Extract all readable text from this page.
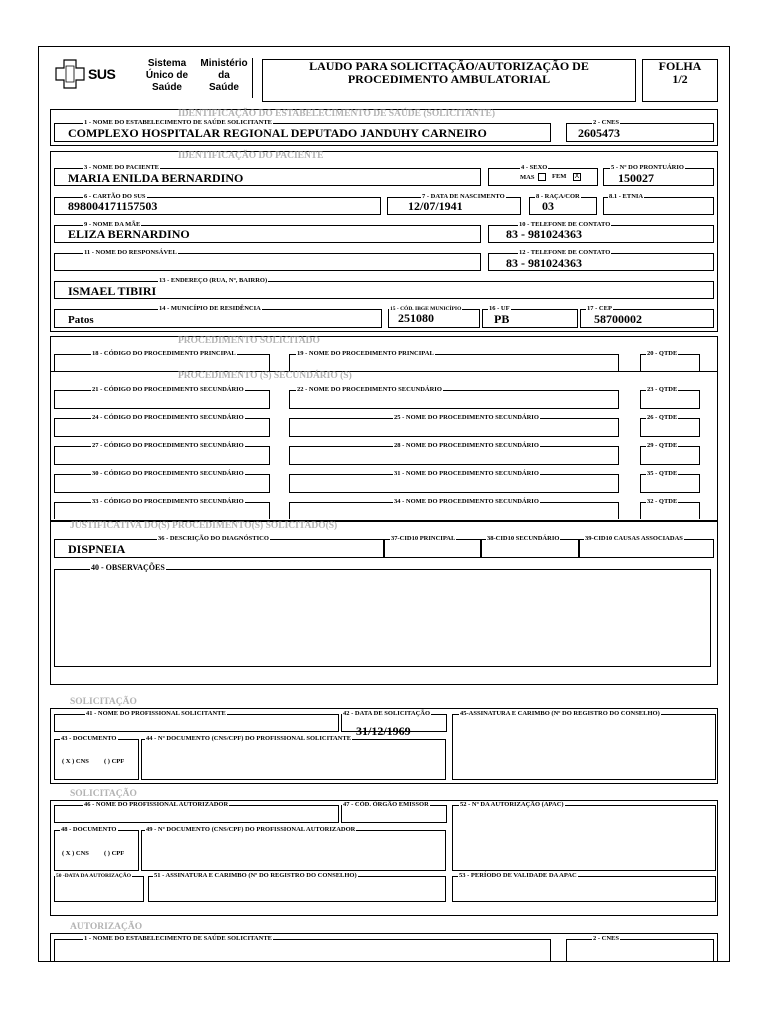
SUS
Sistema
Único de
Saúde
Ministério
da
Saúde
LAUDO PARA SOLICITAÇÃO/AUTORIZAÇÃO DE
PROCEDIMENTO AMBULATORIAL
FOLHA
1/2
IDENTIFICAÇÃO DO ESTABELECIMENTO DE SAÚDE (SOLICITANTE)
1 - NOME DO ESTABELECIMENTO DE SAÚDE SOLICITANTE
COMPLEXO HOSPITALAR REGIONAL DEPUTADO JANDUHY CARNEIRO
2 - CNES
2605473
IDENTIFICAÇÃO DO PACIENTE
3 - NOME DO PACIENTE
MARIA ENILDA BERNARDINO
4 - SEXO
MAS	FEM X
5 - Nº DO PRONTUÁRIO
150027
6 - CARTÃO DO SUS
898004171157503
7 - DATA DE NASCIMENTO
12/07/1941
8 - RAÇA/COR
03
8.1 - ETNIA
9 - NOME DA MÃE
ELIZA BERNARDINO
10 - TELEFONE DE CONTATO
83 - 981024363
11 - NOME DO RESPONSÁVEL	12 - TELEFONE DE CONTATO
83 - 981024363
13 - ENDEREÇO (RUA, Nº, BAIRRO)
ISMAEL TIBIRI
14 - MUNICÍPIO DE RESIDÊNCIA
Patos
15 - CÓD. IBGE MUNICÍPIO
251080
16 - UF
PB
17 - CEP
58700002
PROCEDIMENTO SOLICITADO
18 - CÓDIGO DO PROCEDIMENTO PRINCIPAL	19 - NOME DO PROCEDIMENTO PRINCIPAL	20 - QTDE
PROCEDIMENTO (S) SECUNDÁRIO (S)
21 - CÓDIGO DO PROCEDIMENTO SECUNDÁRIO	22 - NOME DO PROCEDIMENTO SECUNDÁRIO	23 - QTDE
24 - CÓDIGO DO PROCEDIMENTO SECUNDÁRIO	25 - NOME DO PROCEDIMENTO SECUNDÁRIO	26 - QTDE
27 - CÓDIGO DO PROCEDIMENTO SECUNDÁRIO	28 - NOME DO PROCEDIMENTO SECUNDÁRIO	29 - QTDE
30 - CÓDIGO DO PROCEDIMENTO SECUNDÁRIO	31 - NOME DO PROCEDIMENTO SECUNDÁRIO	35 - QTDE
33 - CÓDIGO DO PROCEDIMENTO SECUNDÁRIO	34 - NOME DO PROCEDIMENTO SECUNDÁRIO	32 - QTDE
JUSTIFICATIVA DO(S) PROCEDIMENTO(S) SOLICITADO(S)
36 - DESCRIÇÃO DO DIAGNÓSTICO
DISPNEIA
37-CID10 PRINCIPAL	38-CID10 SECUNDÁRIO	39-CID10 CAUSAS ASSOCIADAS
40 - OBSERVAÇÕES
SOLICITAÇÃO
41 - NOME DO PROFISSIONAL SOLICITANTE	42 - DATA DE SOLICITAÇÃO
31/12/1969
45-ASSINATURA E CARIMBO (Nº DO REGISTRO DO CONSELHO)
43 - DOCUMENTO
( X ) CNS ( ) CPF
44 - Nº DOCUMENTO (CNS/CPF) DO PROFISSIONAL SOLICITANTE
SOLICITAÇÃO
46 - NOME DO PROFISSIONAL AUTORIZADOR	47 - CÓD. ÓRGÃO EMISSOR	52 - Nº DA AUTORIZAÇÃO (APAC)
48 - DOCUMENTO
( X ) CNS ( ) CPF
49 - Nº DOCUMENTO (CNS/CPF) DO PROFISSIONAL AUTORIZADOR
50 -DATA DA AUTORIZAÇÃO	51 - ASSINATURA E CARIMBO (Nº DO REGISTRO DO CONSELHO)	53 - PERÍODO DE VALIDADE DA APAC
AUTORIZAÇÃO
1 - NOME DO ESTABELECIMENTO DE SAÚDE SOLICITANTE	2 - CNES
